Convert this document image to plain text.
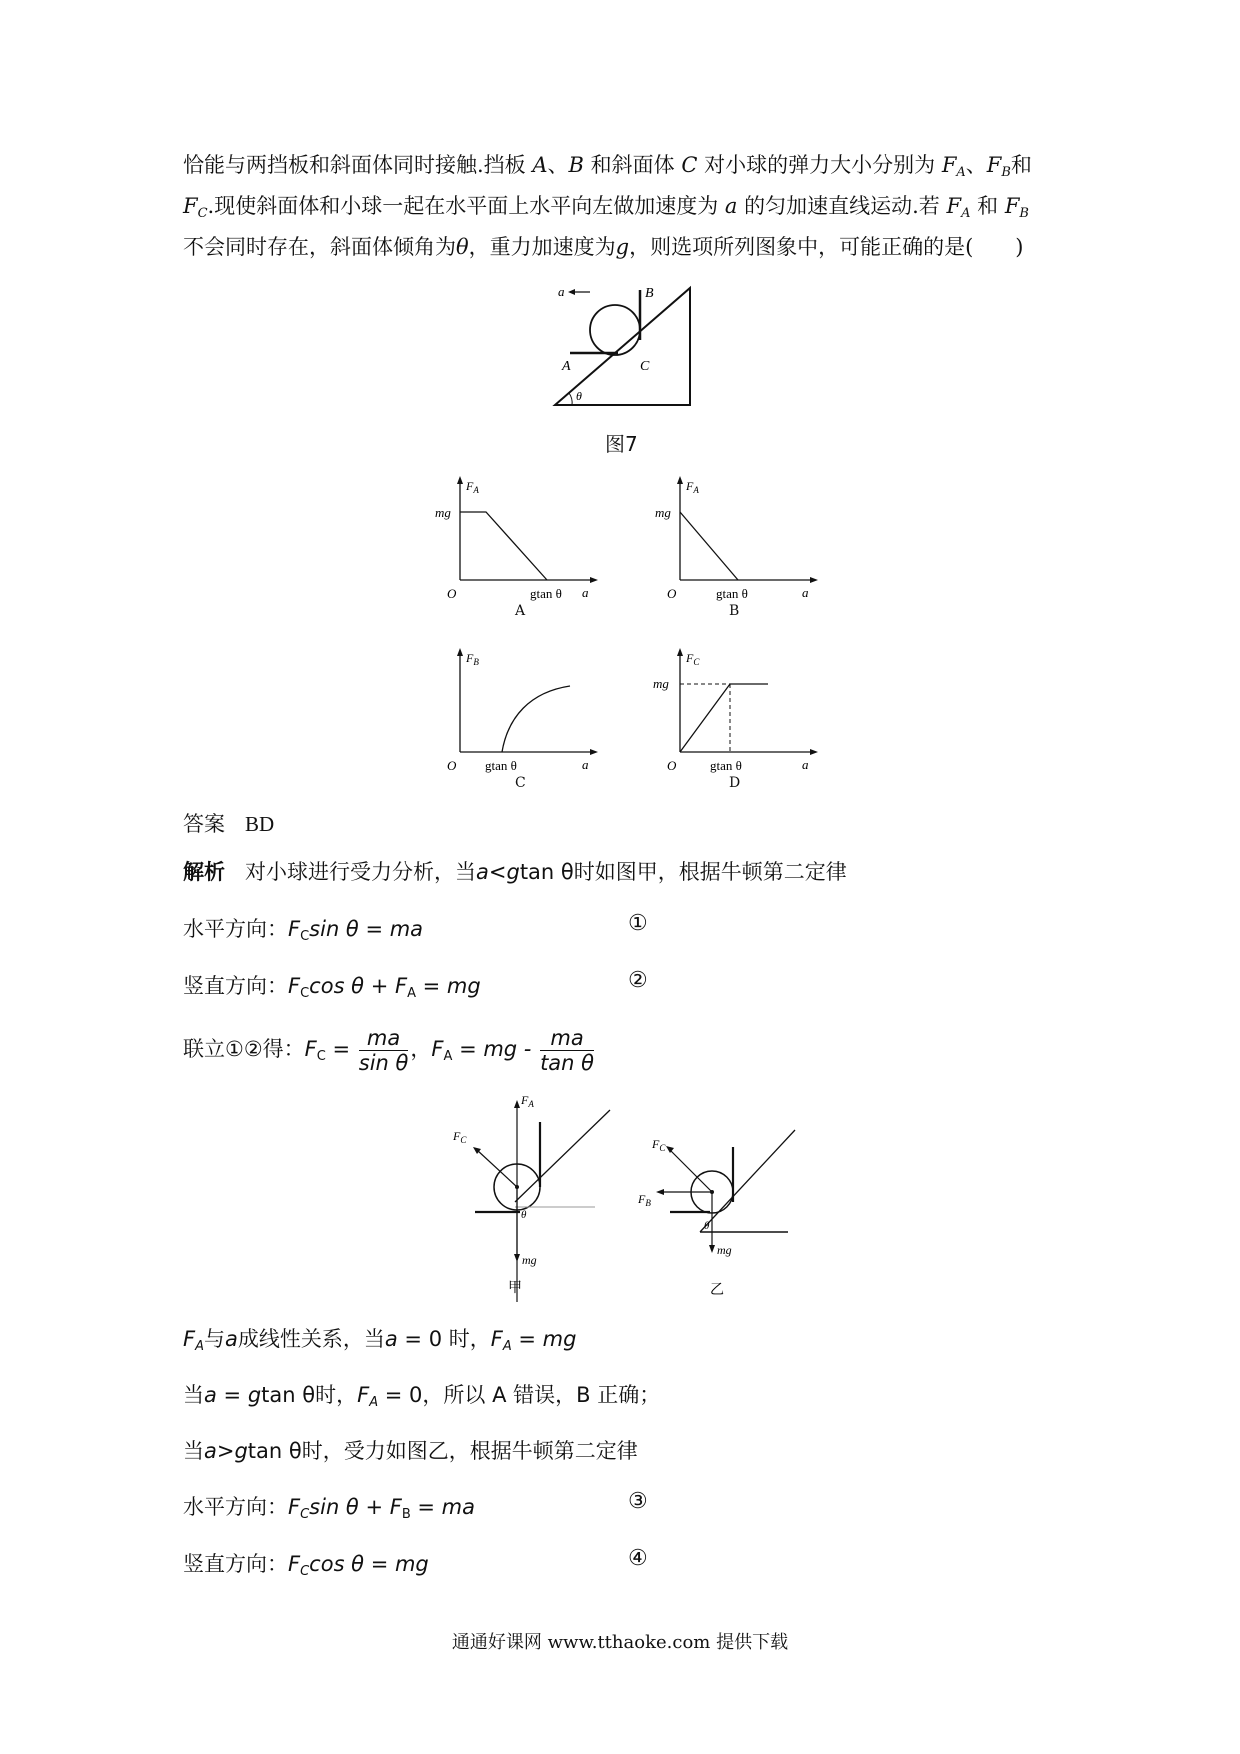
恰能与两挡板和斜面体同时接触.挡板 A、B 和斜面体 C 对小球的弹力大小分别为 $F_A$、$F_B$和
$F_C$.现使斜面体和小球一起在水平面上水平向左做加速度为 a 的匀加速直线运动.若 $F_A$ 和 $F_B$
不会同时存在，斜面体倾角为θ，重力加速度为g，则选项所列图象中，可能正确的是(　　)
a	B
A	C
θ
图7
$F_A$
mg
O	gtan θ a
A
$F_A$
mg
O	gtan θ	a
B
$F_B$
O gtan θ	a
C
$F_C$
mg
O	gtan θ	a
D
答案 BD
解析 对小球进行受力分析，当a<gtan θ时如图甲，根据牛顿第二定律
水平方向：$F_C\sin$ θ = ma	①
竖直方向：$F_C\cos$ $\theta + F_A$ = mg	②
联立①②得：$F_C = \frac{ma}{\text{sin θ}}$ ，$F_A$ = mg - $\frac{ma}{\text{tan θ}}$
$F_A$
$F_C$
θ
mg
甲
$F_C$
$F_B$
θ
mg
乙
$F_A$与a成线性关系，当a = 0 时，$F_A$ = mg
当a = gtan θ时，$F_A = 0$，所以 A 错误，B 正确；
当a>gtan θ时，受力如图乙，根据牛顿第二定律
水平方向：$F_C\sin$ $\theta + F_B$ = ma	③
竖直方向：$F_C\cos$ θ = mg	④
通通好课网 www.tthaoke.com 提供下载
